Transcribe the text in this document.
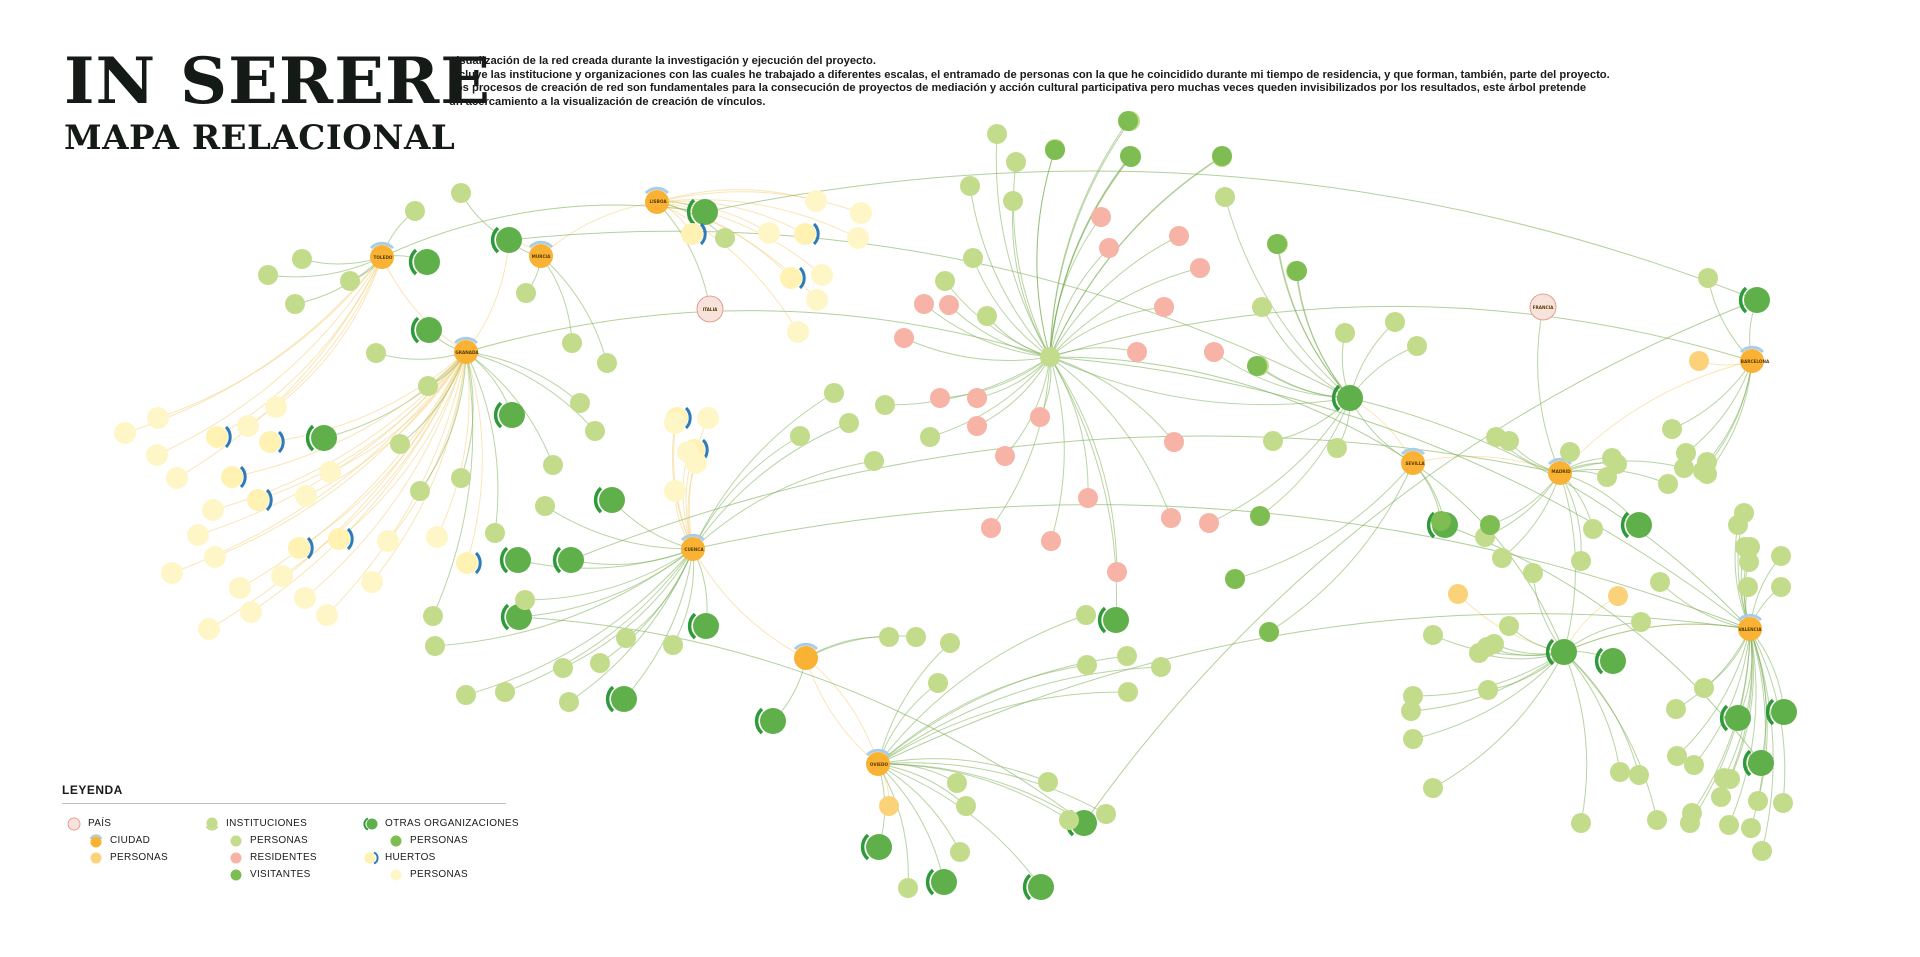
IN SERERE
MAPA RELACIONAL

Visualización de la red creada durante la investigación y ejecución del proyecto.

Incluye las institucione y organizaciones con las cuales he trabajado a diferentes escalas, el entramado de personas con la que he coincidido durante mi tiempo de residencia, y que forman, también, parte del proyecto.

Los procesos de creación de red son fundamentales para la consecución de proyectos de mediación y acción cultural participativa pero muchas veces queden invisibilizados por los resultados, este árbol pretende

un acercamiento a la visualización de creación de vínculos.

BARCELONA
VALENCIA
MADRID
SEVILLA
GRANADA
MURCIA
TOLEDO
LISBOA
CUENCA
OVIEDO
ITALIA	FRANCIA
LEYENDA
PAÍS
CIUDAD
PERSONAS
INSTITUCIONES
PERSONAS
RESIDENTES
VISITANTES
OTRAS ORGANIZACIONES
PERSONAS
HUERTOS
PERSONAS
